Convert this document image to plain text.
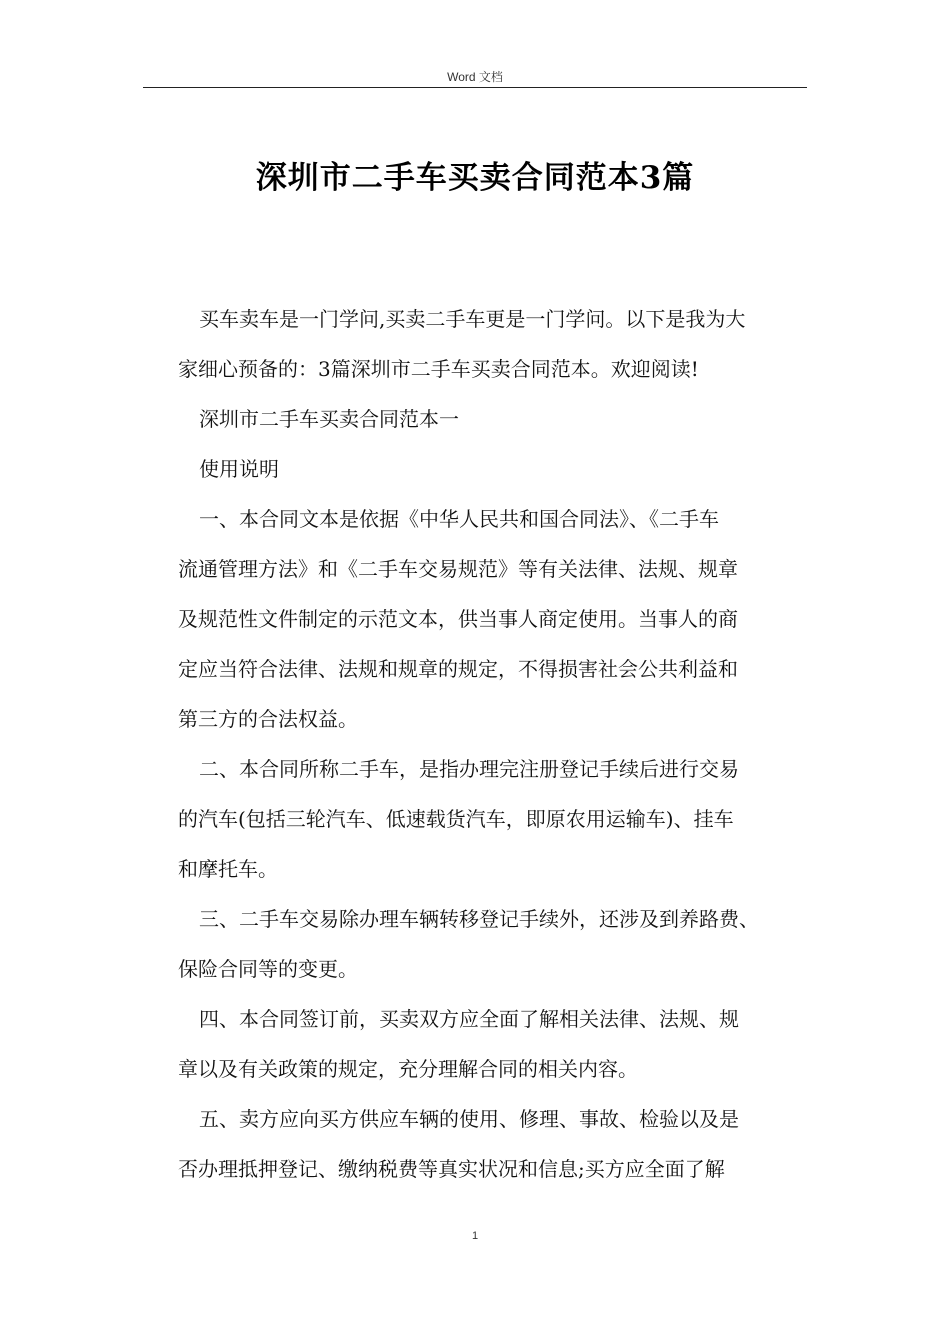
Word 文档
深圳市二手车买卖合同范本3篇

买车卖车是一门学问,买卖二手车更是一门学问。以下是我为大
家细心预备的：3篇深圳市二手车买卖合同范本。欢迎阅读!

深圳市二手车买卖合同范本一

使用说明

一、本合同文本是依据《中华人民共和国合同法》、《二手车
流通管理方法》和《二手车交易规范》等有关法律、法规、规章
及规范性文件制定的示范文本，供当事人商定使用。当事人的商
定应当符合法律、法规和规章的规定，不得损害社会公共利益和
第三方的合法权益。

二、本合同所称二手车，是指办理完注册登记手续后进行交易
的汽车(包括三轮汽车、低速载货汽车，即原农用运输车)、挂车
和摩托车。

三、二手车交易除办理车辆转移登记手续外，还涉及到养路费、
保险合同等的变更。

四、本合同签订前，买卖双方应全面了解相关法律、法规、规
章以及有关政策的规定，充分理解合同的相关内容。

五、卖方应向买方供应车辆的使用、修理、事故、检验以及是
否办理抵押登记、缴纳税费等真实状况和信息;买方应全面了解

1
